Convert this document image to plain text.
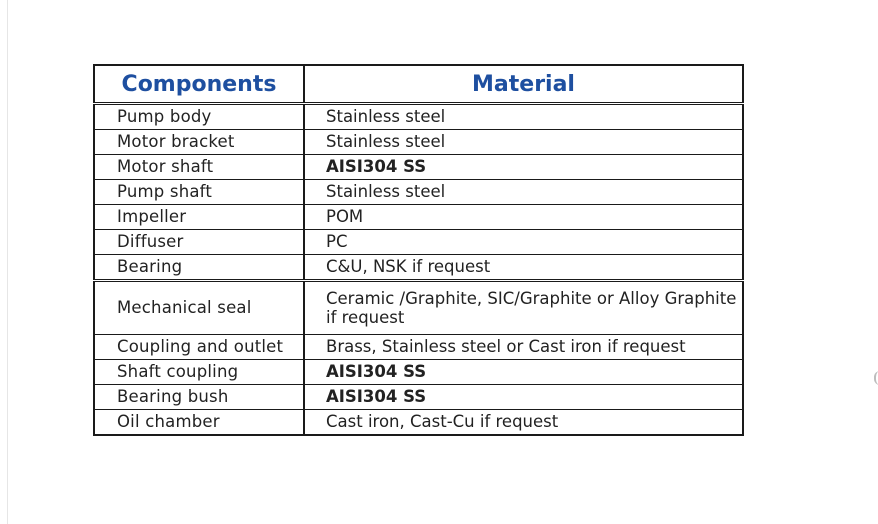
Components	Material
Pump body	Stainless steel
Motor bracket	Stainless steel
Motor shaft	AISI304 SS
Pump shaft	Stainless steel
Impeller	POM
Diffuser	PC
Bearing	C&U, NSK if request
Mechanical seal	Ceramic /Graphite, SIC/Graphite or Alloy Graphite if request
Coupling and outlet	Brass, Stainless steel or Cast iron if request
Shaft coupling	AISI304 SS
Bearing bush	AISI304 SS
Oil chamber	Cast iron, Cast-Cu if request
